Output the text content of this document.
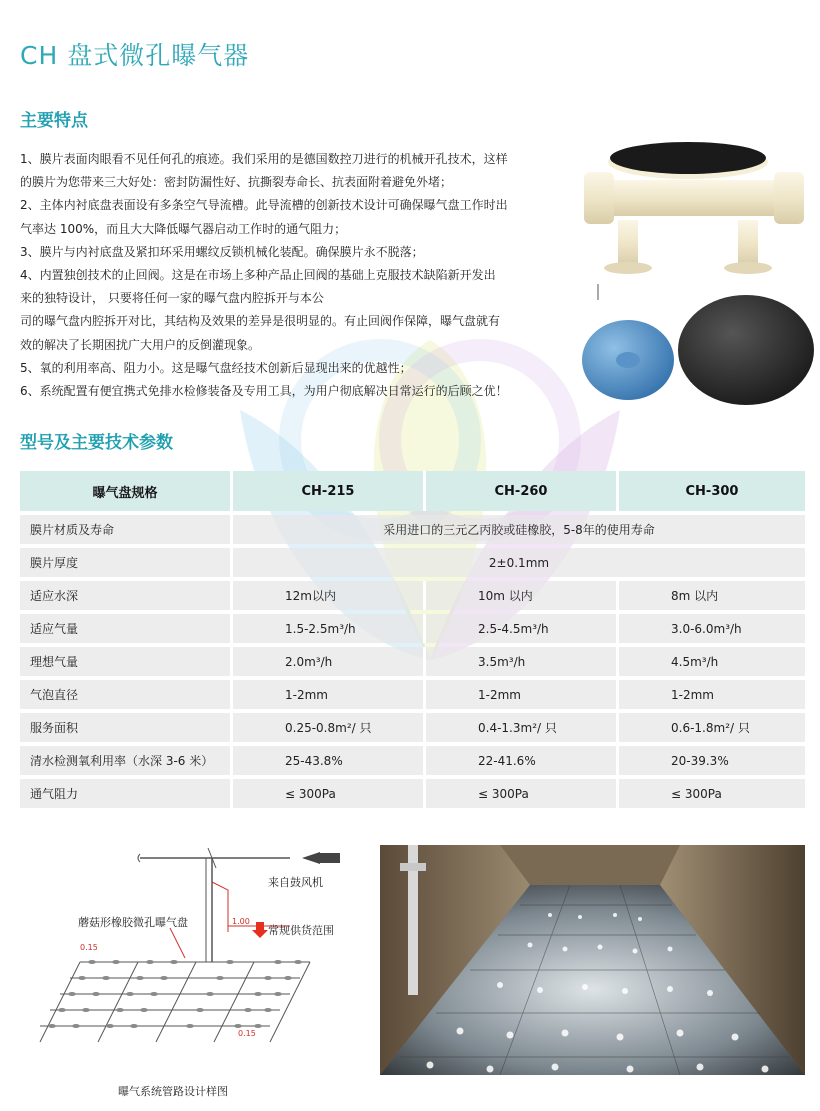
CH 盘式微孔曝气器
主要特点
1、膜片表面肉眼看不见任何孔的痕迹。我们采用的是德国数控刀进行的机械开孔技术，这样
的膜片为您带来三大好处：密封防漏性好、抗撕裂寿命长、抗表面附着避免外堵；
2、主体内衬底盘表面设有多条空气导流槽。此导流槽的创新技术设计可确保曝气盘工作时出
气率达 100%，而且大大降低曝气器启动工作时的通气阻力；
3、膜片与内衬底盘及紧扣环采用螺纹反锁机械化装配。确保膜片永不脱落；
4、内置独创技术的止回阀。这是在市场上多种产品止回阀的基础上克服技术缺陷新开发出
来的独特设计， 只要将任何一家的曝气盘内腔拆开与本公
司的曝气盘内腔拆开对比，其结构及效果的差异是很明显的。有止回阀作保障，曝气盘就有
效的解决了长期困扰广大用户的反倒灌现象。
5、氧的利用率高、阻力小。这是曝气盘经技术创新后显现出来的优越性；
6、系统配置有便宜携式免排水检修装备及专用工具，为用户彻底解决日常运行的后顾之优！
型号及主要技术参数
曝气盘规格	CH-215	CH-260	CH-300
膜片材质及寿命	采用进口的三元乙丙胶或硅橡胶，5-8年的使用寿命		
膜片厚度	2±0.1mm		
适应水深	12m以内	10m 以内	8m 以内
适应气量	1.5-2.5m³/h	2.5-4.5m³/h	3.0-6.0m³/h
理想气量	2.0m³/h	3.5m³/h	4.5m³/h
气泡直径	1-2mm	1-2mm	1-2mm
服务面积	0.25-0.8m²/ 只	0.4-1.3m²/ 只	0.6-1.8m²/ 只
清水检测氧利用率（水深 3-6 米）	25-43.8%	22-41.6%	20-39.3%
通气阻力	≤ 300Pa	≤ 300Pa	≤ 300Pa
来自鼓风机
1.00
常规供货范围
蘑菇形橡胶微孔曝气盘
0.15
0.15
曝气系统管路设计样图
